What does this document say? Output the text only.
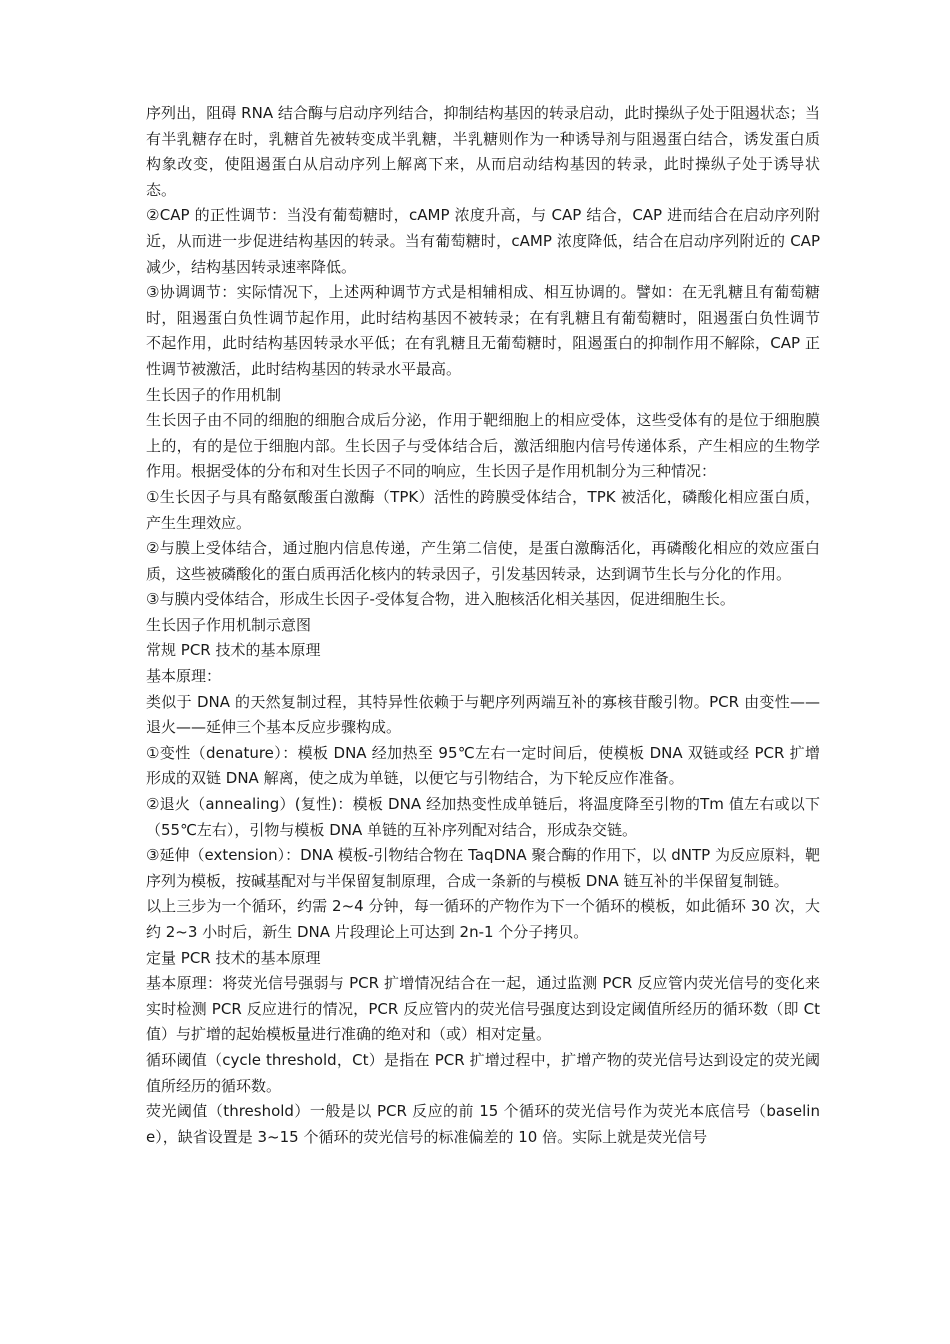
序列出，阻碍 RNA 结合酶与启动序列结合，抑制结构基因的转录启动，此时操纵子处于阻遏状态；当有半乳糖存在时，乳糖首先被转变成半乳糖，半乳糖则作为一种诱导剂与阻遏蛋白结合，诱发蛋白质构象改变，使阻遏蛋白从启动序列上解离下来，从而启动结构基因的转录，此时操纵子处于诱导状态。

②CAP 的正性调节：当没有葡萄糖时，cAMP 浓度升高，与 CAP 结合，CAP 进而结合在启动序列附近，从而进一步促进结构基因的转录。当有葡萄糖时，cAMP 浓度降低，结合在启动序列附近的 CAP 减少，结构基因转录速率降低。

③协调调节：实际情况下，上述两种调节方式是相辅相成、相互协调的。譬如：在无乳糖且有葡萄糖时，阻遏蛋白负性调节起作用，此时结构基因不被转录；在有乳糖且有葡萄糖时，阻遏蛋白负性调节不起作用，此时结构基因转录水平低；在有乳糖且无葡萄糖时，阻遏蛋白的抑制作用不解除，CAP 正性调节被激活，此时结构基因的转录水平最高。

生长因子的作用机制

生长因子由不同的细胞的细胞合成后分泌，作用于靶细胞上的相应受体，这些受体有的是位于细胞膜上的，有的是位于细胞内部。生长因子与受体结合后，激活细胞内信号传递体系，产生相应的生物学作用。根据受体的分布和对生长因子不同的响应，生长因子是作用机制分为三种情况：

①生长因子与具有酪氨酸蛋白激酶（TPK）活性的跨膜受体结合，TPK 被活化，磷酸化相应蛋白质，产生生理效应。

②与膜上受体结合，通过胞内信息传递，产生第二信使，是蛋白激酶活化，再磷酸化相应的效应蛋白质，这些被磷酸化的蛋白质再活化核内的转录因子，引发基因转录，达到调节生长与分化的作用。

③与膜内受体结合，形成生长因子-受体复合物，进入胞核活化相关基因，促进细胞生长。

生长因子作用机制示意图

常规 PCR 技术的基本原理

基本原理：

类似于 DNA 的天然复制过程，其特异性依赖于与靶序列两端互补的寡核苷酸引物。PCR 由变性——退火——延伸三个基本反应步骤构成。

①变性（denature）：模板 DNA 经加热至 95℃左右一定时间后，使模板 DNA 双链或经 PCR 扩增形成的双链 DNA 解离，使之成为单链，以便它与引物结合，为下轮反应作准备。

②退火（annealing）(复性)：模板 DNA 经加热变性成单链后，将温度降至引物的Tm 值左右或以下（55℃左右），引物与模板 DNA 单链的互补序列配对结合，形成杂交链。

③延伸（extension）：DNA 模板-引物结合物在 TaqDNA 聚合酶的作用下，以 dNTP 为反应原料，靶序列为模板，按碱基配对与半保留复制原理，合成一条新的与模板 DNA 链互补的半保留复制链。

以上三步为一个循环，约需 2~4 分钟，每一循环的产物作为下一个循环的模板，如此循环 30 次，大约 2~3 小时后，新生 DNA 片段理论上可达到 2n-1 个分子拷贝。

定量 PCR 技术的基本原理

基本原理：将荧光信号强弱与 PCR 扩增情况结合在一起，通过监测 PCR 反应管内荧光信号的变化来实时检测 PCR 反应进行的情况，PCR 反应管内的荧光信号强度达到设定阈值所经历的循环数（即 Ct 值）与扩增的起始模板量进行准确的绝对和（或）相对定量。

循环阈值（cycle threshold，Ct）是指在 PCR 扩增过程中，扩增产物的荧光信号达到设定的荧光阈值所经历的循环数。

荧光阈值（threshold）一般是以 PCR 反应的前 15 个循环的荧光信号作为荧光本底信号（baseline），缺省设置是 3~15 个循环的荧光信号的标准偏差的 10 倍。实际上就是荧光信号
